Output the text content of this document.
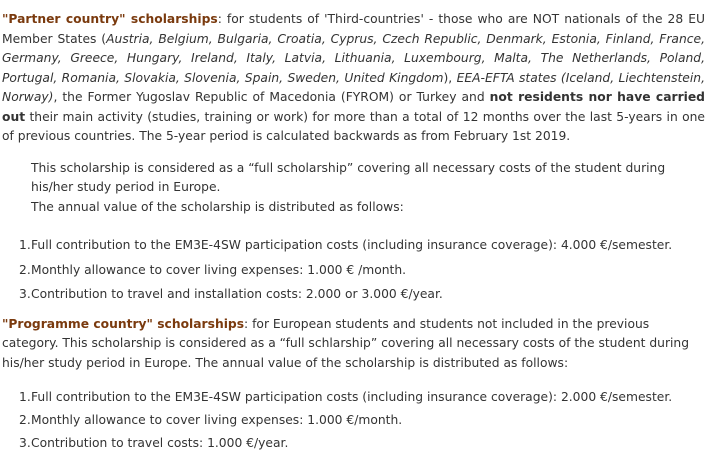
"Partner country" scholarships: for students of 'Third-countries' - those who are NOT nationals of the 28 EU Member States (Austria, Belgium, Bulgaria, Croatia, Cyprus, Czech Republic, Denmark, Estonia, Finland, France, Germany, Greece, Hungary, Ireland, Italy, Latvia, Lithuania, Luxembourg, Malta, The Netherlands, Poland, Portugal, Romania, Slovakia, Slovenia, Spain, Sweden, United Kingdom), EEA-EFTA states (Iceland, Liechtenstein, Norway), the Former Yugoslav Republic of Macedonia (FYROM) or Turkey and not residents nor have carried out their main activity (studies, training or work) for more than a total of 12 months over the last 5-years in one of previous countries. The 5-year period is calculated backwards as from February 1st 2019.

This scholarship is considered as a “full scholarship” covering all necessary costs of the student during his/her study period in Europe.
The annual value of the scholarship is distributed as follows:
1. Full contribution to the EM3E-4SW participation costs (including insurance coverage): 4.000 €/semester.
2. Monthly allowance to cover living expenses: 1.000 € /month.
3. Contribution to travel and installation costs: 2.000 or 3.000 €/year.

"Programme country" scholarships: for European students and students not included in the previous category. This scholarship is considered as a “full schlarship” covering all necessary costs of the student during his/her study period in Europe. The annual value of the scholarship is distributed as follows:

1. Full contribution to the EM3E-4SW participation costs (including insurance coverage): 2.000 €/semester.
2. Monthly allowance to cover living expenses: 1.000 €/month.
3. Contribution to travel costs: 1.000 €/year.
